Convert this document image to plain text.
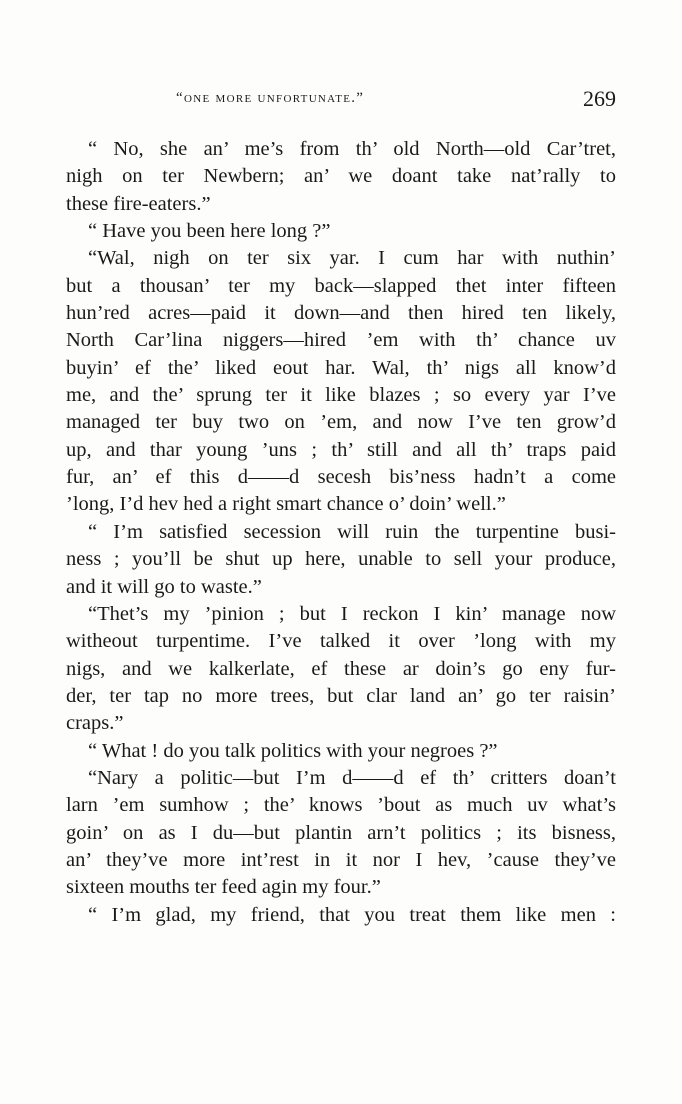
“one more unfortunate.”	269
“ No, she an’ me’s from th’ old North—old Car’tret,
nigh on ter Newbern; an’ we doant take nat’rally to
these fire-eaters.”
“ Have you been here long ?”
“Wal, nigh on ter six yar. I cum har with nuthin’
but a thousan’ ter my back—slapped thet inter fifteen
hun’red acres—paid it down—and then hired ten likely,
North Car’lina niggers—hired ’em with th’ chance uv
buyin’ ef the’ liked eout har. Wal, th’ nigs all know’d
me, and the’ sprung ter it like blazes ; so every yar I’ve
managed ter buy two on ’em, and now I’ve ten grow’d
up, and thar young ’uns ; th’ still and all th’ traps paid
fur, an’ ef this d——d secesh bis’ness hadn’t a come
’long, I’d hev hed a right smart chance o’ doin’ well.”
“ I’m satisfied secession will ruin the turpentine busi-
ness ; you’ll be shut up here, unable to sell your produce,
and it will go to waste.”
“Thet’s my ’pinion ; but I reckon I kin’ manage now
witheout turpentime. I’ve talked it over ’long with my
nigs, and we kalkerlate, ef these ar doin’s go eny fur-
der, ter tap no more trees, but clar land an’ go ter raisin’
craps.”
“ What ! do you talk politics with your negroes ?”
“Nary a politic—but I’m d——d ef th’ critters doan’t
larn ’em sumhow ; the’ knows ’bout as much uv what’s
goin’ on as I du—but plantin arn’t politics ; its bisness,
an’ they’ve more int’rest in it nor I hev, ’cause they’ve
sixteen mouths ter feed agin my four.”
“ I’m glad, my friend, that you treat them like men :
